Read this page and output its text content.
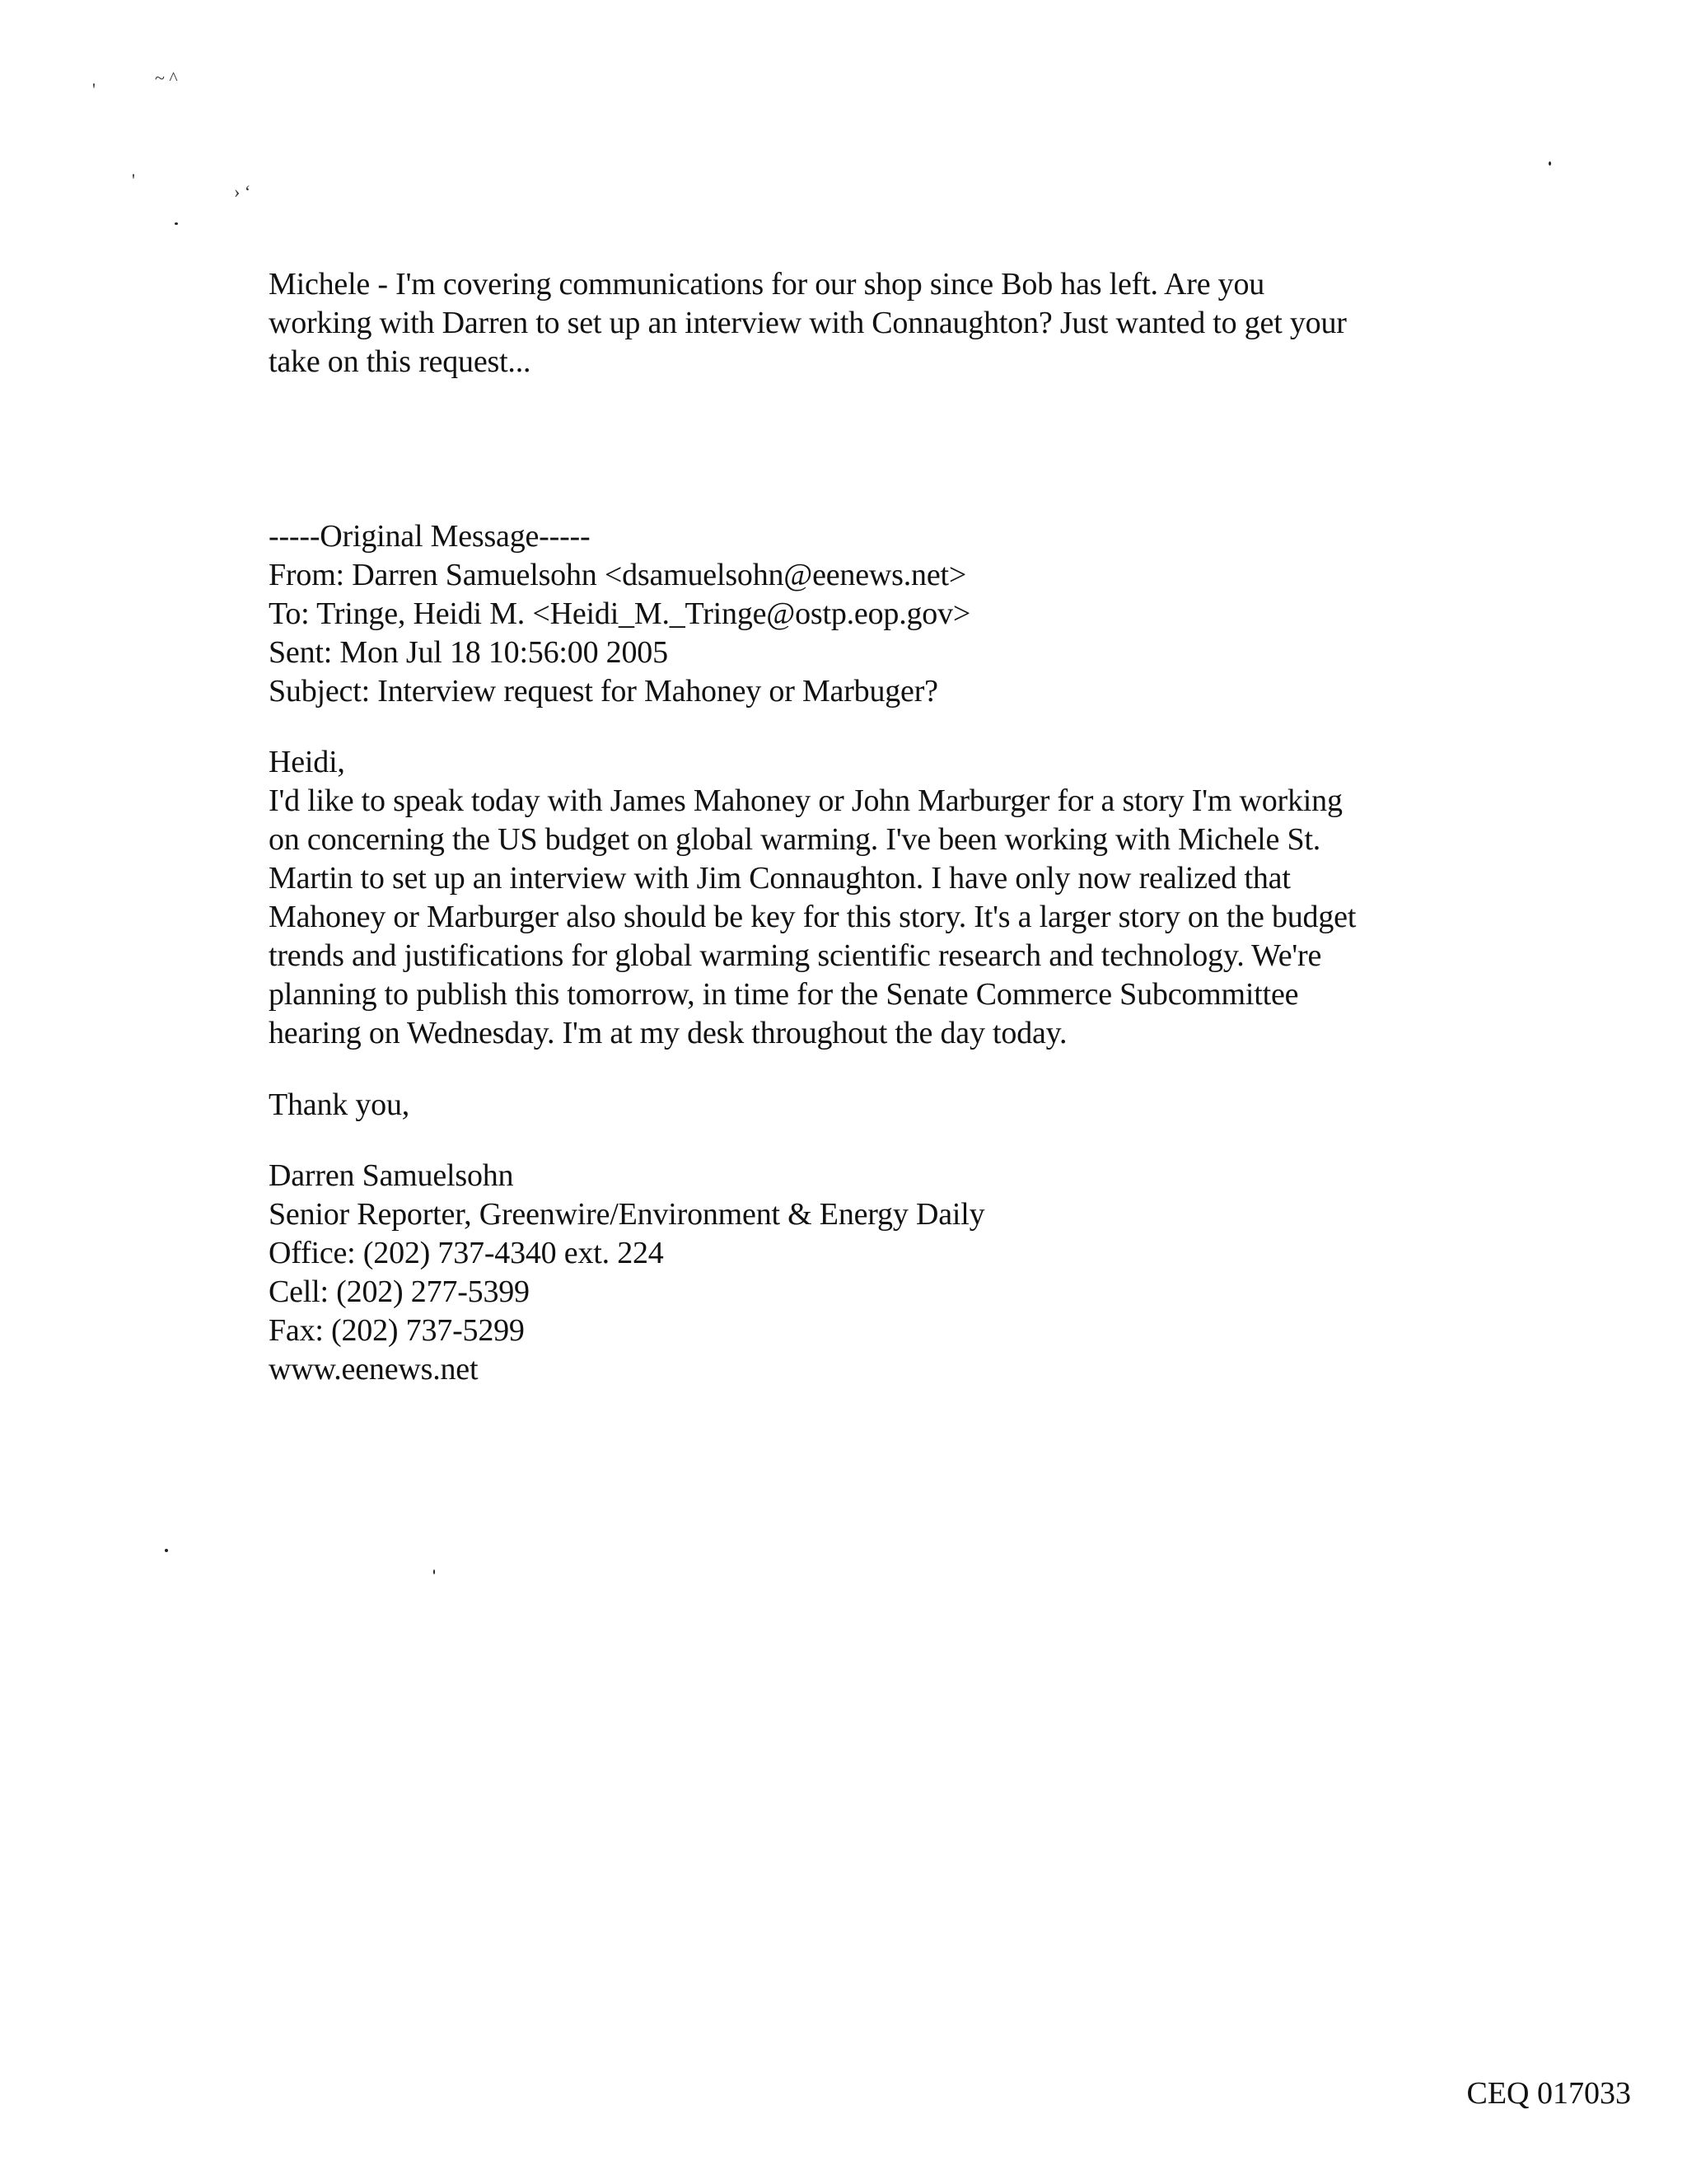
'
~ ^
'
› ‘
Michele - I'm covering communications for our shop since Bob has left. Are you
working with Darren to set up an interview with Connaughton? Just wanted to get your
take on this request...
-----Original Message-----
From: Darren Samuelsohn <dsamuelsohn@eenews.net>
To: Tringe, Heidi M. <Heidi_M._Tringe@ostp.eop.gov>
Sent: Mon Jul 18 10:56:00 2005
Subject: Interview request for Mahoney or Marbuger?
Heidi,
I'd like to speak today with James Mahoney or John Marburger for a story I'm working
on concerning the US budget on global warming. I've been working with Michele St.
Martin to set up an interview with Jim Connaughton. I have only now realized that
Mahoney or Marburger also should be key for this story. It's a larger story on the budget
trends and justifications for global warming scientific research and technology. We're
planning to publish this tomorrow, in time for the Senate Commerce Subcommittee
hearing on Wednesday. I'm at my desk throughout the day today.
Thank you,
Darren Samuelsohn
Senior Reporter, Greenwire/Environment & Energy Daily
Office: (202) 737-4340 ext. 224
Cell: (202) 277-5399
Fax: (202) 737-5299
www.eenews.net
CEQ 017033
